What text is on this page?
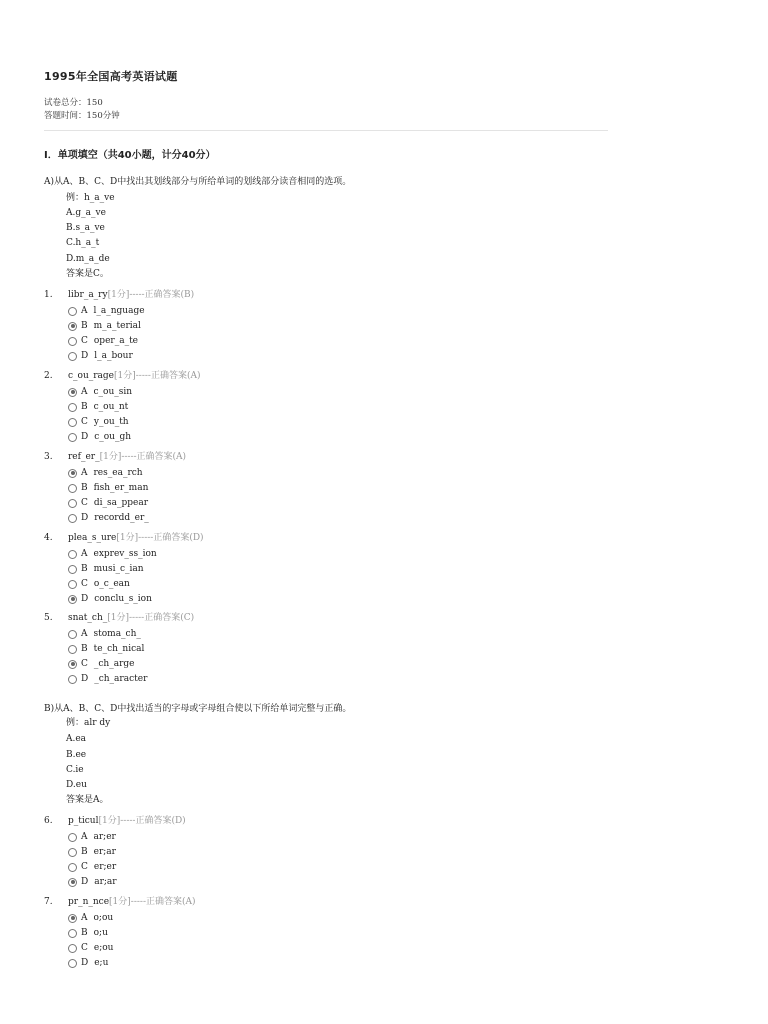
1995年全国高考英语试题
试卷总分：150
答题时间：150分钟
Ⅰ．单项填空（共40小题，计分40分）
A)从A、B、C、D中找出其划线部分与所给单词的划线部分读音相同的选项。
例：h_a_ve
A.g_a_ve
B.s_a_ve
C.h_a_t
D.m_a_de
答案是C。
B)从A、B、C、D中找出适当的字母或字母组合使以下所给单词完整与正确。
例：alr dy
A.ea
B.ee
C.ie
D.eu
答案是A。
1. libr_a_ry[1分]-----正确答案(B)
A l_a_nguage
B m_a_terial
C oper_a_te
D l_a_bour
2. c_ou_rage[1分]-----正确答案(A)
A c_ou_sin
B c_ou_nt
C y_ou_th
D c_ou_gh
3. ref_er_[1分]-----正确答案(A)
A res_ea_rch
B fish_er_man
C di_sa_ppear
D recordd_er_
4. plea_s_ure[1分]-----正确答案(D)
A exprev_ss_ion
B musi_c_ian
C o_c_ean
D conclu_s_ion
5. snat_ch_[1分]-----正确答案(C)
A stoma_ch_
B te_ch_nical
C _ch_arge
D _ch_aracter
6. p_ticul[1分]-----正确答案(D)
A ar;er
B er;ar
C er;er
D ar;ar
7. pr_n_nce[1分]-----正确答案(A)
A o;ou
B o;u
C e;ou
D e;u
